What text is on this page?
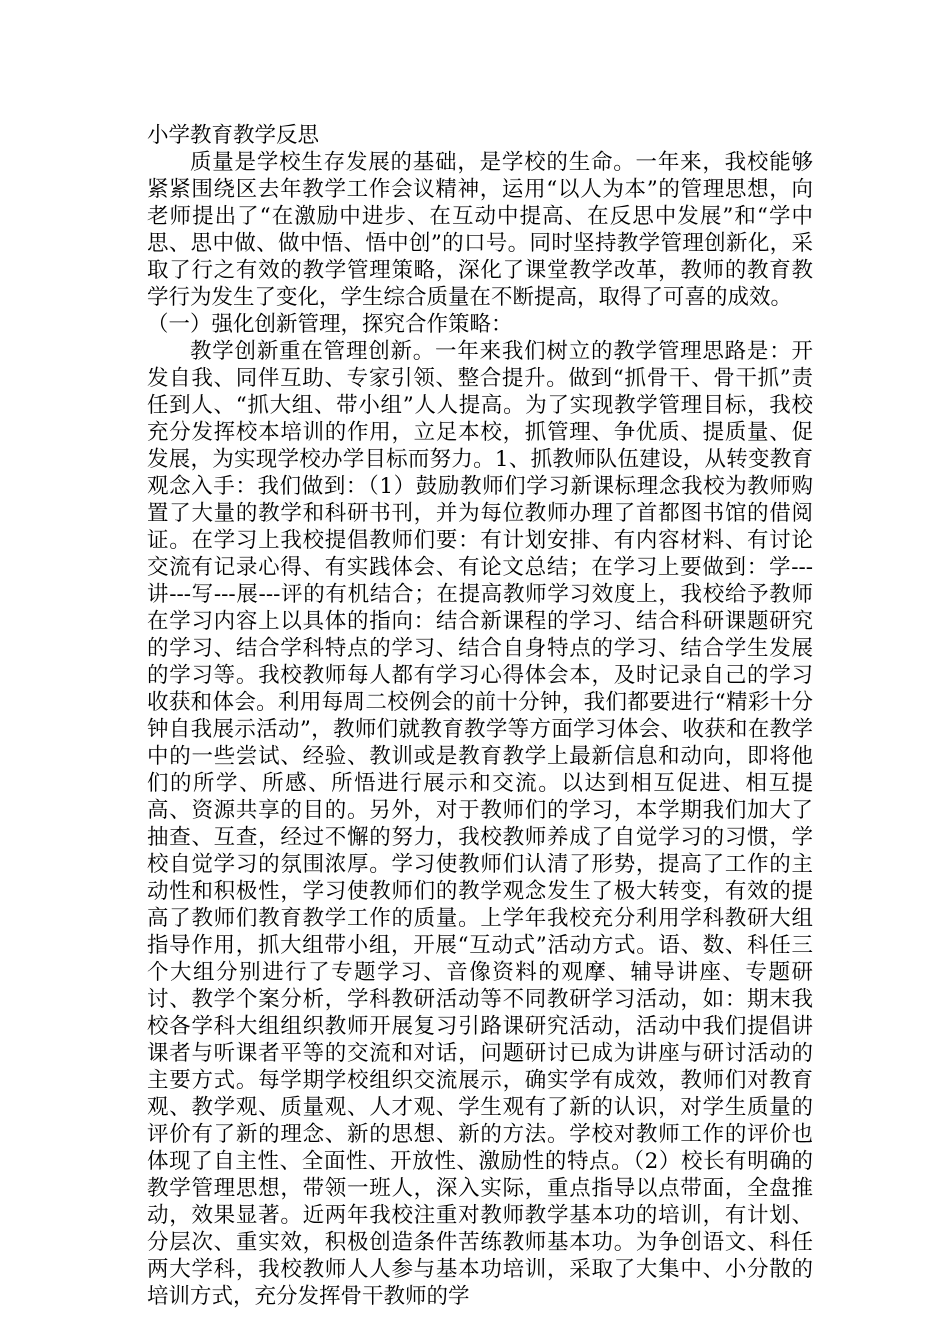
小学教育教学反思

质量是学校生存发展的基础，是学校的生命。一年来，我校能够紧紧围绕区去年教学工作会议精神，运用“以人为本”的管理思想，向老师提出了“在激励中进步、在互动中提高、在反思中发展”和“学中思、思中做、做中悟、悟中创”的口号。同时坚持教学管理创新化，采取了行之有效的教学管理策略，深化了课堂教学改革，教师的教育教学行为发生了变化，学生综合质量在不断提高，取得了可喜的成效。

（一）强化创新管理，探究合作策略：

教学创新重在管理创新。一年来我们树立的教学管理思路是：开发自我、同伴互助、专家引领、整合提升。做到“抓骨干、骨干抓”责任到人、“抓大组、带小组”人人提高。为了实现教学管理目标，我校充分发挥校本培训的作用，立足本校，抓管理、争优质、提质量、促发展，为实现学校办学目标而努力。1、抓教师队伍建设，从转变教育观念入手：我们做到：（1）鼓励教师们学习新课标理念我校为教师购置了大量的教学和科研书刊，并为每位教师办理了首都图书馆的借阅证。在学习上我校提倡教师们要：有计划安排、有内容材料、有讨论交流有记录心得、有实践体会、有论文总结；在学习上要做到：学---讲---写---展---评的有机结合；在提高教师学习效度上，我校给予教师在学习内容上以具体的指向：结合新课程的学习、结合科研课题研究的学习、结合学科特点的学习、结合自身特点的学习、结合学生发展的学习等。我校教师每人都有学习心得体会本，及时记录自己的学习收获和体会。利用每周二校例会的前十分钟，我们都要进行“精彩十分钟自我展示活动”，教师们就教育教学等方面学习体会、收获和在教学中的一些尝试、经验、教训或是教育教学上最新信息和动向，即将他们的所学、所感、所悟进行展示和交流。以达到相互促进、相互提高、资源共享的目的。另外，对于教师们的学习，本学期我们加大了抽查、互查，经过不懈的努力，我校教师养成了自觉学习的习惯，学校自觉学习的氛围浓厚。学习使教师们认清了形势，提高了工作的主动性和积极性，学习使教师们的教学观念发生了极大转变，有效的提高了教师们教育教学工作的质量。上学年我校充分利用学科教研大组指导作用，抓大组带小组，开展“互动式”活动方式。语、数、科任三个大组分别进行了专题学习、音像资料的观摩、辅导讲座、专题研讨、教学个案分析，学科教研活动等不同教研学习活动，如：期末我校各学科大组组织教师开展复习引路课研究活动，活动中我们提倡讲课者与听课者平等的交流和对话，问题研讨已成为讲座与研讨活动的主要方式。每学期学校组织交流展示，确实学有成效，教师们对教育观、教学观、质量观、人才观、学生观有了新的认识，对学生质量的评价有了新的理念、新的思想、新的方法。学校对教师工作的评价也体现了自主性、全面性、开放性、激励性的特点。（2）校长有明确的教学管理思想，带领一班人，深入实际，重点指导以点带面，全盘推动，效果显著。近两年我校注重对教师教学基本功的培训，有计划、分层次、重实效，积极创造条件苦练教师基本功。为争创语文、科任两大学科，我校教师人人参与基本功培训，采取了大集中、小分散的培训方式，充分发挥骨干教师的学
